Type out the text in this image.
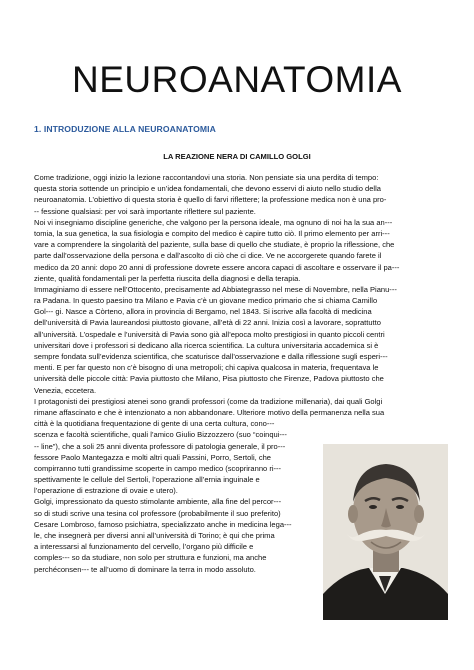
NEUROANATOMIA
1. INTRODUZIONE ALLA NEUROANATOMIA
LA REAZIONE NERA DI CAMILLO GOLGI
Come tradizione, oggi inizio la lezione raccontandovi una storia. Non pensiate sia una perdita di tempo:
questa storia sottende un principio e un’idea fondamentali, che devono esservi di aiuto nello studio della
neuroanatomia. L’obiettivo di questa storia è quello di farvi riflettere; la professione medica non è una pro-
-- fessione qualsiasi: per voi sarà importante riflettere sul paziente.
Noi vi insegniamo discipline generiche, che valgono per la persona ideale, ma ognuno di noi ha la sua an---
tomia, la sua genetica, la sua fisiologia e compito del medico è capire tutto ciò. Il primo elemento per arri---
vare a comprendere la singolarità del paziente, sulla base di quello che studiate, è proprio la riflessione, che
parte dall’osservazione della persona e dall’ascolto di ciò che ci dice. Ve ne accorgerete quando farete il
medico da 20 anni: dopo 20 anni di professione dovrete essere ancora capaci di ascoltare e osservare il pa---
ziente, qualità fondamentali per la perfetta riuscita della diagnosi e della terapia.
Immaginiamo di essere nell’Ottocento, precisamente ad Abbiategrasso nel mese di Novembre, nella Pianu---
ra Padana. In questo paesino tra Milano e Pavia c’è un giovane medico primario che si chiama Camillo
Gol--- gi. Nasce a Còrteno, allora in provincia di Bergamo, nel 1843. Si iscrive alla facoltà di medicina
dell’università di Pavia laureandosi piuttosto giovane, all’età di 22 anni. Inizia così a lavorare, soprattutto
all’università. L’ospedale e l’università di Pavia sono già all’epoca molto prestigiosi in quanto piccoli centri
universitari dove i professori si dedicano alla ricerca scientifica. La cultura universitaria accademica si è
sempre fondata sull’evidenza scientifica, che scaturisce dall’osservazione e dalla riflessione sugli esperi---
menti. E per far questo non c’è bisogno di una metropoli; chi capiva qualcosa in materia, frequentava le
università delle piccole città: Pavia piuttosto che Milano, Pisa piuttosto che Firenze, Padova piuttosto che
Venezia, eccetera.
I protagonisti dei prestigiosi atenei sono grandi professori (come da tradizione millenaria), dai quali Golgi
rimane affascinato e che è intenzionato a non abbandonare. Ulteriore motivo della permanenza nella sua
città è la quotidiana frequentazione di gente di una certa cultura, cono---
scenza e facoltà scientifiche, quali l’amico Giulio Bizzozzero (suo “coinqui---
-- line”), che a soli 25 anni diventa professore di patologia generale, il pro---
fessore Paolo Mantegazza e molti altri quali Passini, Porro, Sertoli, che
compirranno tutti grandissime scoperte in campo medico (scopriranno ri---
spettivamente le cellule del Sertoli, l’operazione all’ernia inguinale e
l’operazione di estrazione di ovaie e utero).
Golgi, impressionato da questo stimolante ambiente, alla fine del percor---
so di studi scrive una tesina col professore (probabilmente il suo preferito)
Cesare Lombroso, famoso psichiatra, specializzato anche in medicina lega---
le, che insegnerà per diversi anni all’università di Torino; è qui che prima
a interessarsi al funzionamento del cervello, l’organo più difficile e
comples--- so da studiare, non solo per struttura e funzioni, ma anche
perchéconsen--- te all’uomo di dominare la terra in modo assoluto.
